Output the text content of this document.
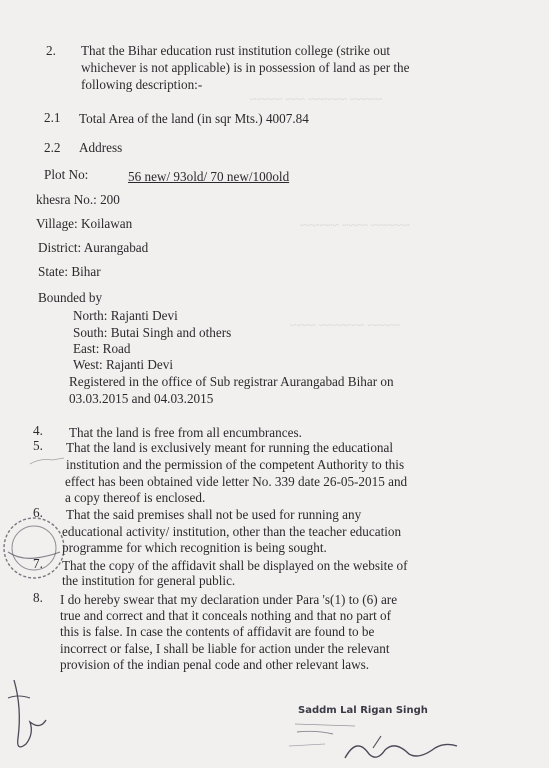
~~~~~ ~~~~~~ ~~~ ~~~~~
~~~~~~ ~~~~ ~~~~~~
~~~~~ ~~~~~~~ ~~~~
2. That the Bihar education rust institution college (strike out
whichever is not applicable) is in possession of land as per the
following description:-
2.1 Total Area of the land (in sqr Mts.) 4007.84
2.2 Address
Plot No:	56 new/ 93old/ 70 new/100old
khesra No.: 200
Village: Koilawan
District: Aurangabad
State: Bihar
Bounded by
North: Rajanti Devi
South: Butai Singh and others
East: Road
West: Rajanti Devi
Registered in the office of Sub registrar Aurangabad Bihar on
03.03.2015 and 04.03.2015
4. That the land is free from all encumbrances.
5. That the land is exclusively meant for running the educational
institution and the permission of the competent Authority to this
effect has been obtained vide letter No. 339 date 26-05-2015 and
a copy thereof is enclosed.
6. That the said premises shall not be used for running any
educational activity/ institution, other than the teacher education
programme for which recognition is being sought.
7. That the copy of the affidavit shall be displayed on the website of
the institution for general public.
8. I do hereby swear that my declaration under Para 's(1) to (6) are
true and correct and that it conceals nothing and that no part of
this is false. In case the contents of affidavit are found to be
incorrect or false, I shall be liable for action under the relevant
provision of the indian penal code and other relevant laws.
Saddm Lal Rigan Singh
